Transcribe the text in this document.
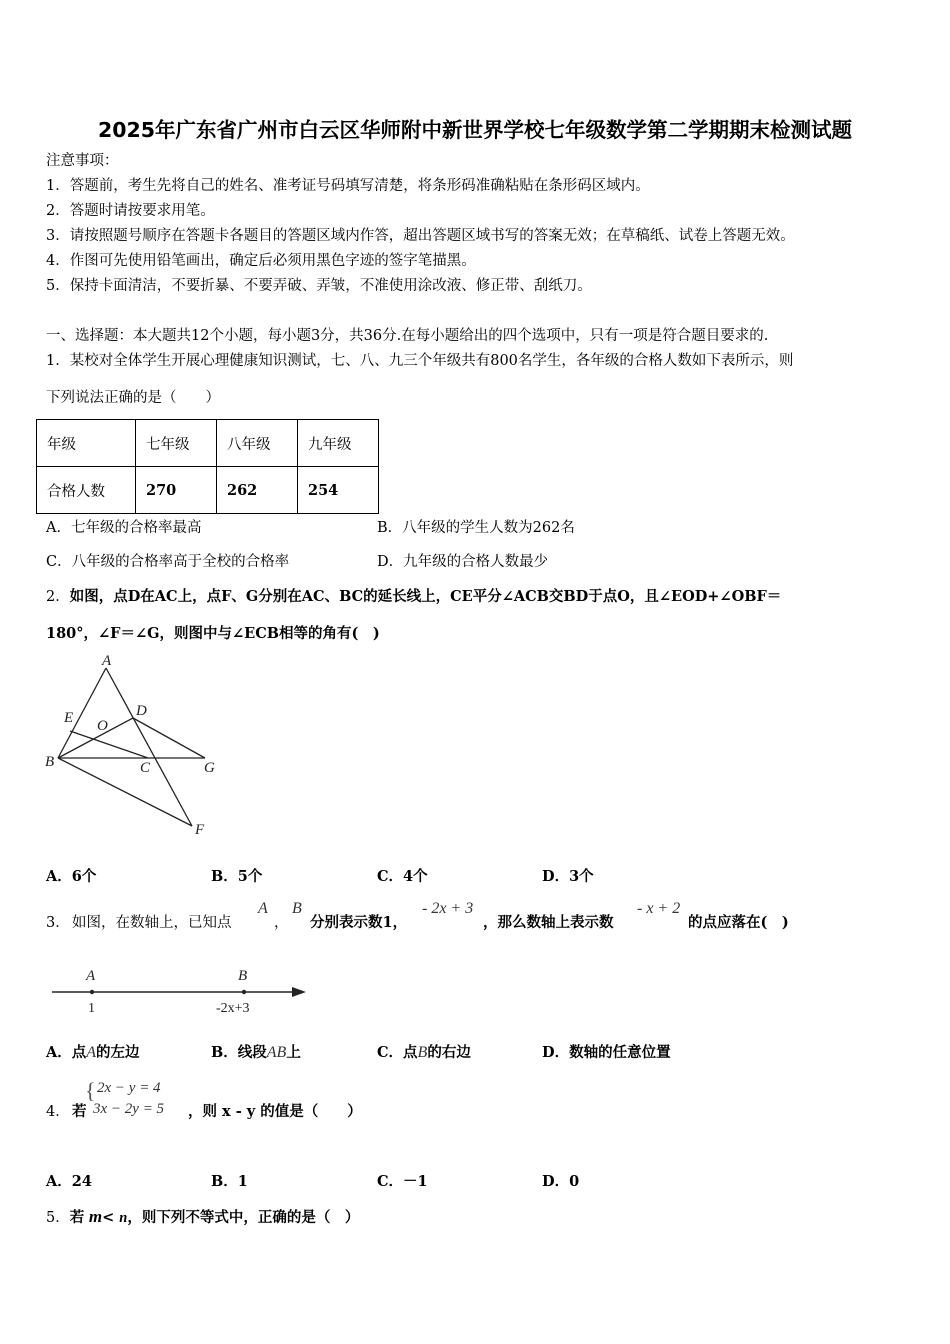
2025年广东省广州市白云区华师附中新世界学校七年级数学第二学期期末检测试题
注意事项：
1．答题前，考生先将自己的姓名、准考证号码填写清楚，将条形码准确粘贴在条形码区域内。
2．答题时请按要求用笔。
3．请按照题号顺序在答题卡各题目的答题区域内作答，超出答题区域书写的答案无效；在草稿纸、试卷上答题无效。
4．作图可先使用铅笔画出，确定后必须用黑色字迹的签字笔描黑。
5．保持卡面清洁，不要折暴、不要弄破、弄皱，不准使用涂改液、修正带、刮纸刀。
一、选择题：本大题共12个小题，每小题3分，共36分.在每小题给出的四个选项中，只有一项是符合题目要求的.
1．某校对全体学生开展心理健康知识测试，七、八、九三个年级共有800名学生，各年级的合格人数如下表所示，则
下列说法正确的是（　　）
年级	七年级	八年级	九年级
合格人数	270	262	254
A．七年级的合格率最高	B．八年级的学生人数为262名
C．八年级的合格率高于全校的合格率	D．九年级的合格人数最少
2．如图，点D在AC上，点F、G分别在AC、BC的延长线上，CE平分∠ACB交BD于点O，且∠EOD+∠OBF＝
180°，∠F＝∠G，则图中与∠ECB相等的角有(　)
A
E O
D
B	C	G
F
A．6个	B．5个	C．4个	D．3个
3． 如图，在数轴上，已知点
A
，
B
分别表示数1，
- 2x + 3
，那么数轴上表示数
- x + 2
的点应落在(　)
A	B
1	-2x+3
A．点A的左边	B．线段AB上	C．点B的右边	D．数轴的任意位置
4． 若
{ 2x − y = 4
3x − 2y = 5 ，则 x - y 的值是（　　）
A．24	B．1	C．－1	D．0
5．若 m< n，则下列不等式中，正确的是（　）
